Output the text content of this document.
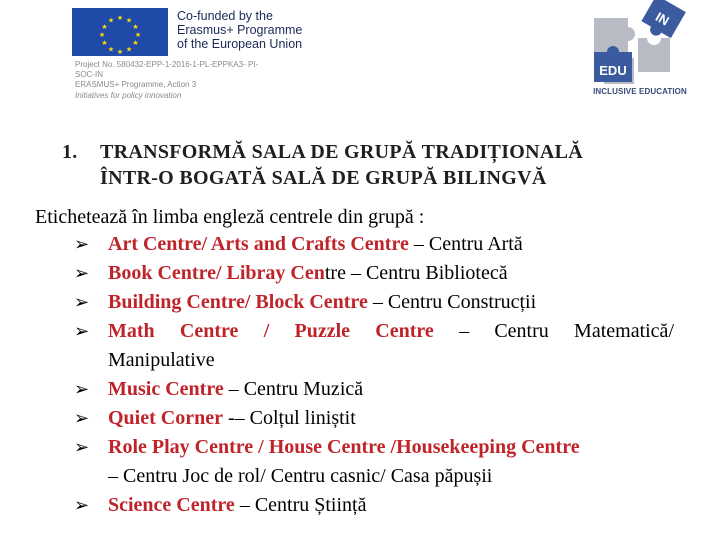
★ ★
★
★
★
★
★
★
★
★
★
★	Co-funded by the
Erasmus+ Programme
of the European Union
Project No. 580432-EPP-1-2016-1-PL-EPPKA3- PI-
SOC-IN
ERASMUS+ Programme, Action 3
Initiatives for policy innovation
EDU
IN
INCLUSIVE EDUCATION
1. TRANSFORMĂ SALA DE GRUPĂ TRADIȚIONALĂ
ÎNTR-O BOGATĂ SALĂ DE GRUPĂ BILINGVĂ
Etichetează în limba engleză centrele din grupă :
➢ Art Centre/ Arts and Crafts Centre – Centru Artă
➢ Book Centre/ Libray Centre – Centru Bibliotecă
➢ Building Centre/ Block Centre – Centru Construcții
➢ Math  Centre  /  Puzzle  Centre  –  Centru  Matematică/
Manipulative
➢ Music Centre – Centru Muzică
➢ Quiet Corner -– Colțul liniștit
➢ Role Play Centre / House Centre /Housekeeping Centre
– Centru Joc de rol/ Centru casnic/ Casa păpușii
➢ Science Centre – Centru Știință
